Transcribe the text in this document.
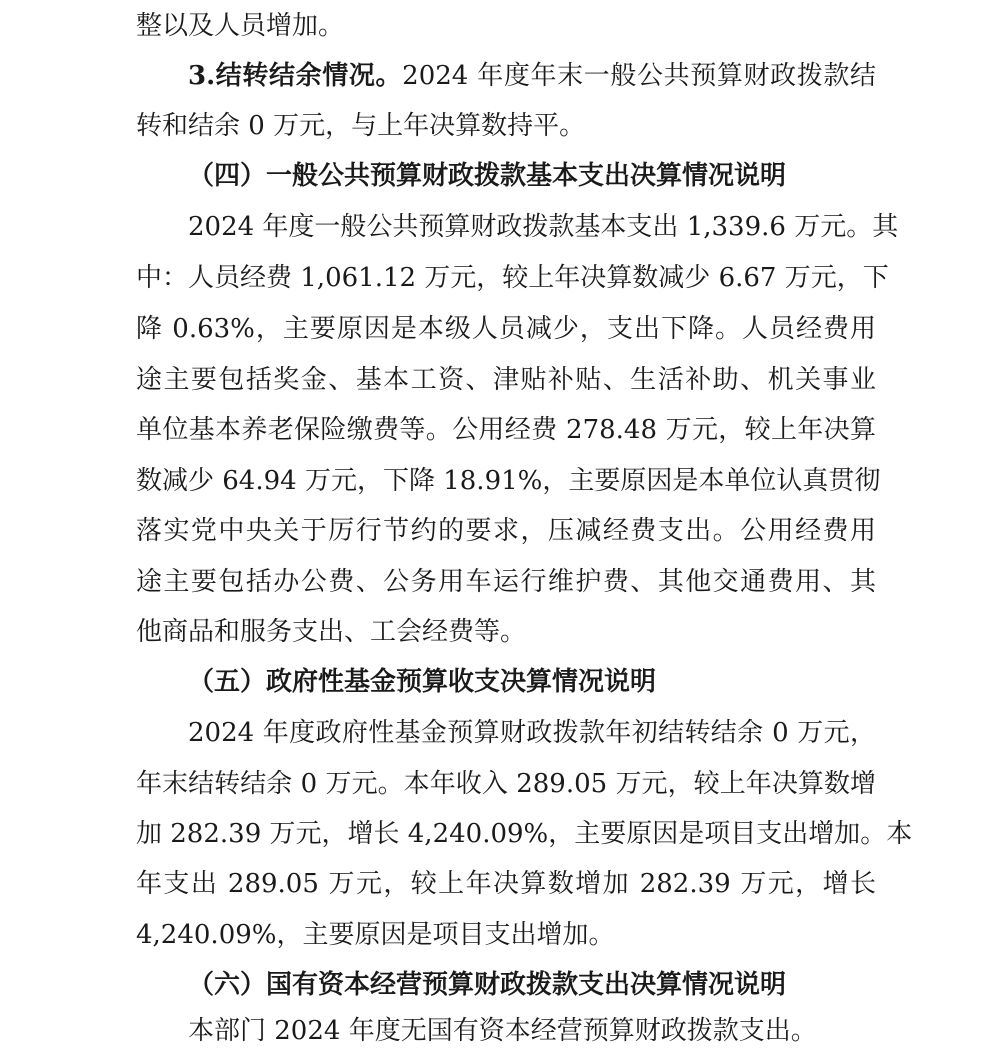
整以及人员增加。
3.结转结余情况。2024 年度年末一般公共预算财政拨款结
转和结余 0 万元，与上年决算数持平。
（四）一般公共预算财政拨款基本支出决算情况说明
2024 年度一般公共预算财政拨款基本支出 1,339.6 万元。其
中：人员经费 1,061.12 万元，较上年决算数减少 6.67 万元，下
降 0.63%，主要原因是本级人员减少，支出下降。人员经费用
途主要包括奖金、基本工资、津贴补贴、生活补助、机关事业
单位基本养老保险缴费等。公用经费 278.48 万元，较上年决算
数减少 64.94 万元，下降 18.91%，主要原因是本单位认真贯彻
落实党中央关于厉行节约的要求，压减经费支出。公用经费用
途主要包括办公费、公务用车运行维护费、其他交通费用、其
他商品和服务支出、工会经费等。
（五）政府性基金预算收支决算情况说明
2024 年度政府性基金预算财政拨款年初结转结余 0 万元，
年末结转结余 0 万元。本年收入 289.05 万元，较上年决算数增
加 282.39 万元，增长 4,240.09%，主要原因是项目支出增加。本
年支出 289.05 万元，较上年决算数增加 282.39 万元，增长
4,240.09%，主要原因是项目支出增加。
（六）国有资本经营预算财政拨款支出决算情况说明
本部门 2024 年度无国有资本经营预算财政拨款支出。
